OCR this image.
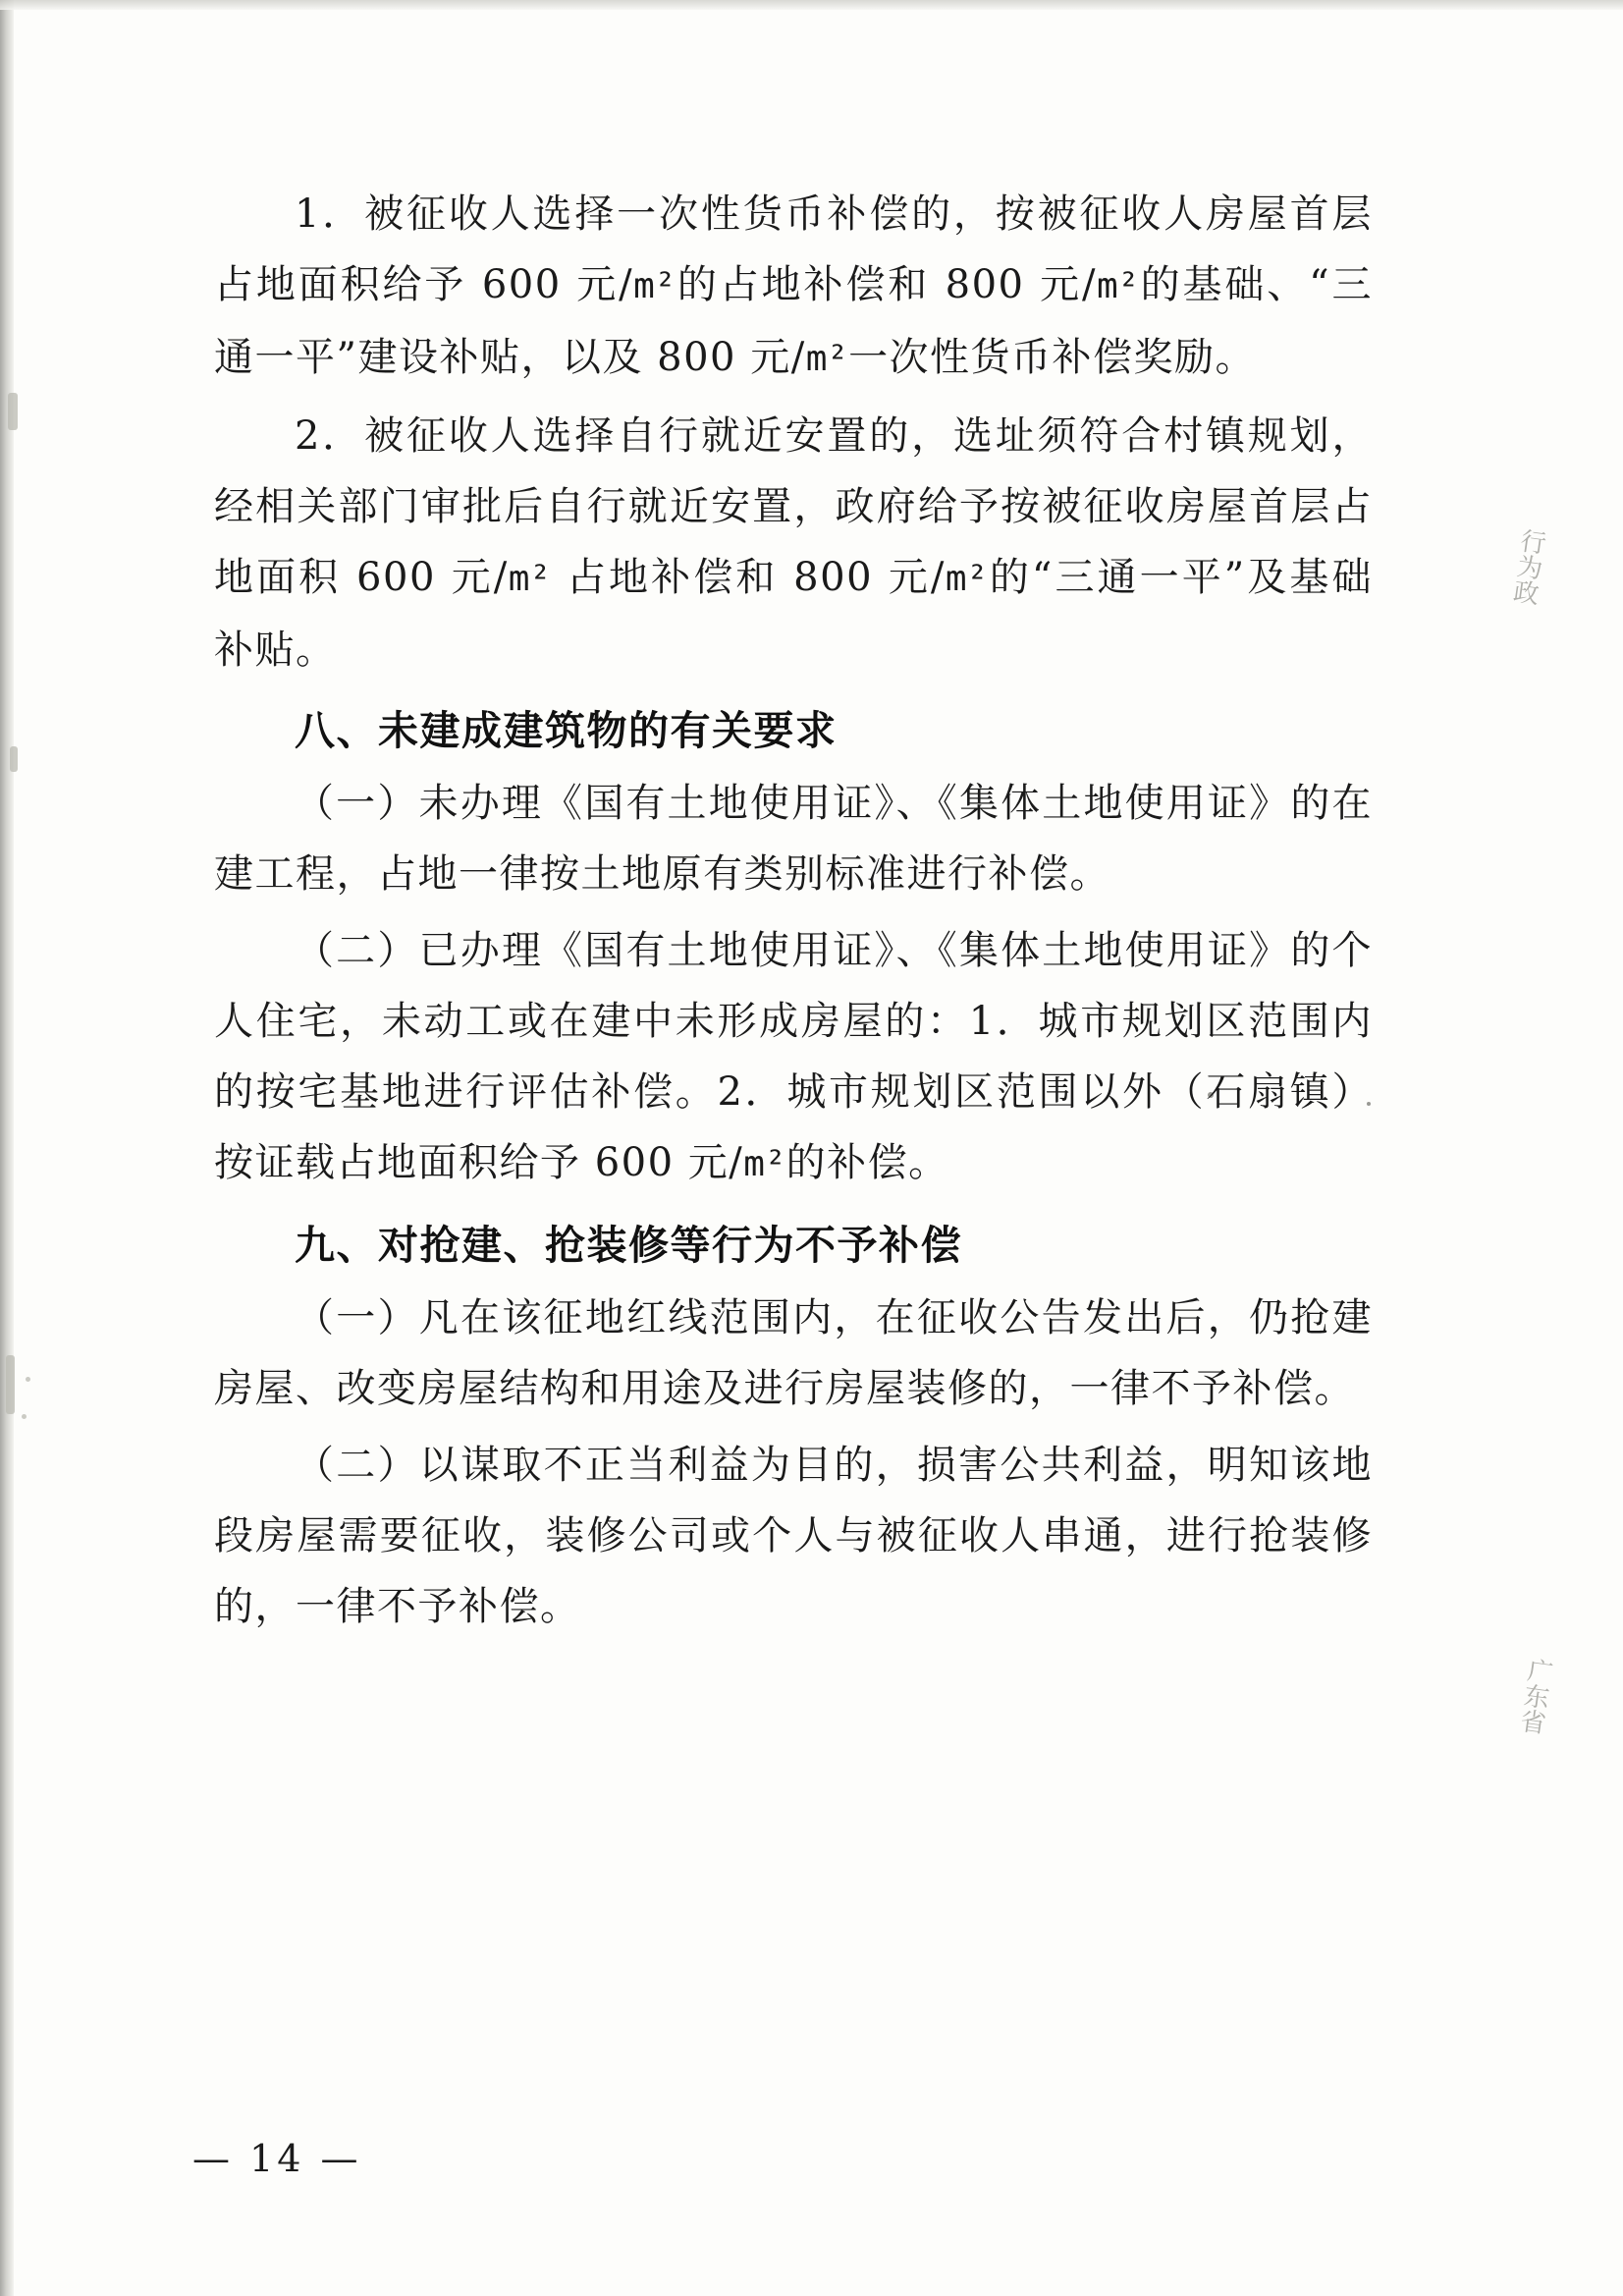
1．被征收人选择一次性货币补偿的，按被征收人房屋首层占地面积给予 600 元/m²的占地补偿和 800 元/m²的基础、“三通一平”建设补贴，以及 800 元/m²一次性货币补偿奖励。

2．被征收人选择自行就近安置的，选址须符合村镇规划，经相关部门审批后自行就近安置，政府给予按被征收房屋首层占地面积 600 元/m² 占地补偿和 800 元/m²的“三通一平”及基础补贴。

八、未建成建筑物的有关要求

（一）未办理《国有土地使用证》、《集体土地使用证》的在建工程，占地一律按土地原有类别标准进行补偿。

（二）已办理《国有土地使用证》、《集体土地使用证》的个人住宅，未动工或在建中未形成房屋的：1．城市规划区范围内的按宅基地进行评估补偿。2．城市规划区范围以外（石扇镇）按证载占地面积给予 600 元/m²的补偿。

九、对抢建、抢装修等行为不予补偿

（一）凡在该征地红线范围内，在征收公告发出后，仍抢建房屋、改变房屋结构和用途及进行房屋装修的，一律不予补偿。

（二）以谋取不正当利益为目的，损害公共利益，明知该地段房屋需要征收，装修公司或个人与被征收人串通，进行抢装修的，一律不予补偿。

— 14 —
行
为
政
广
东
省
